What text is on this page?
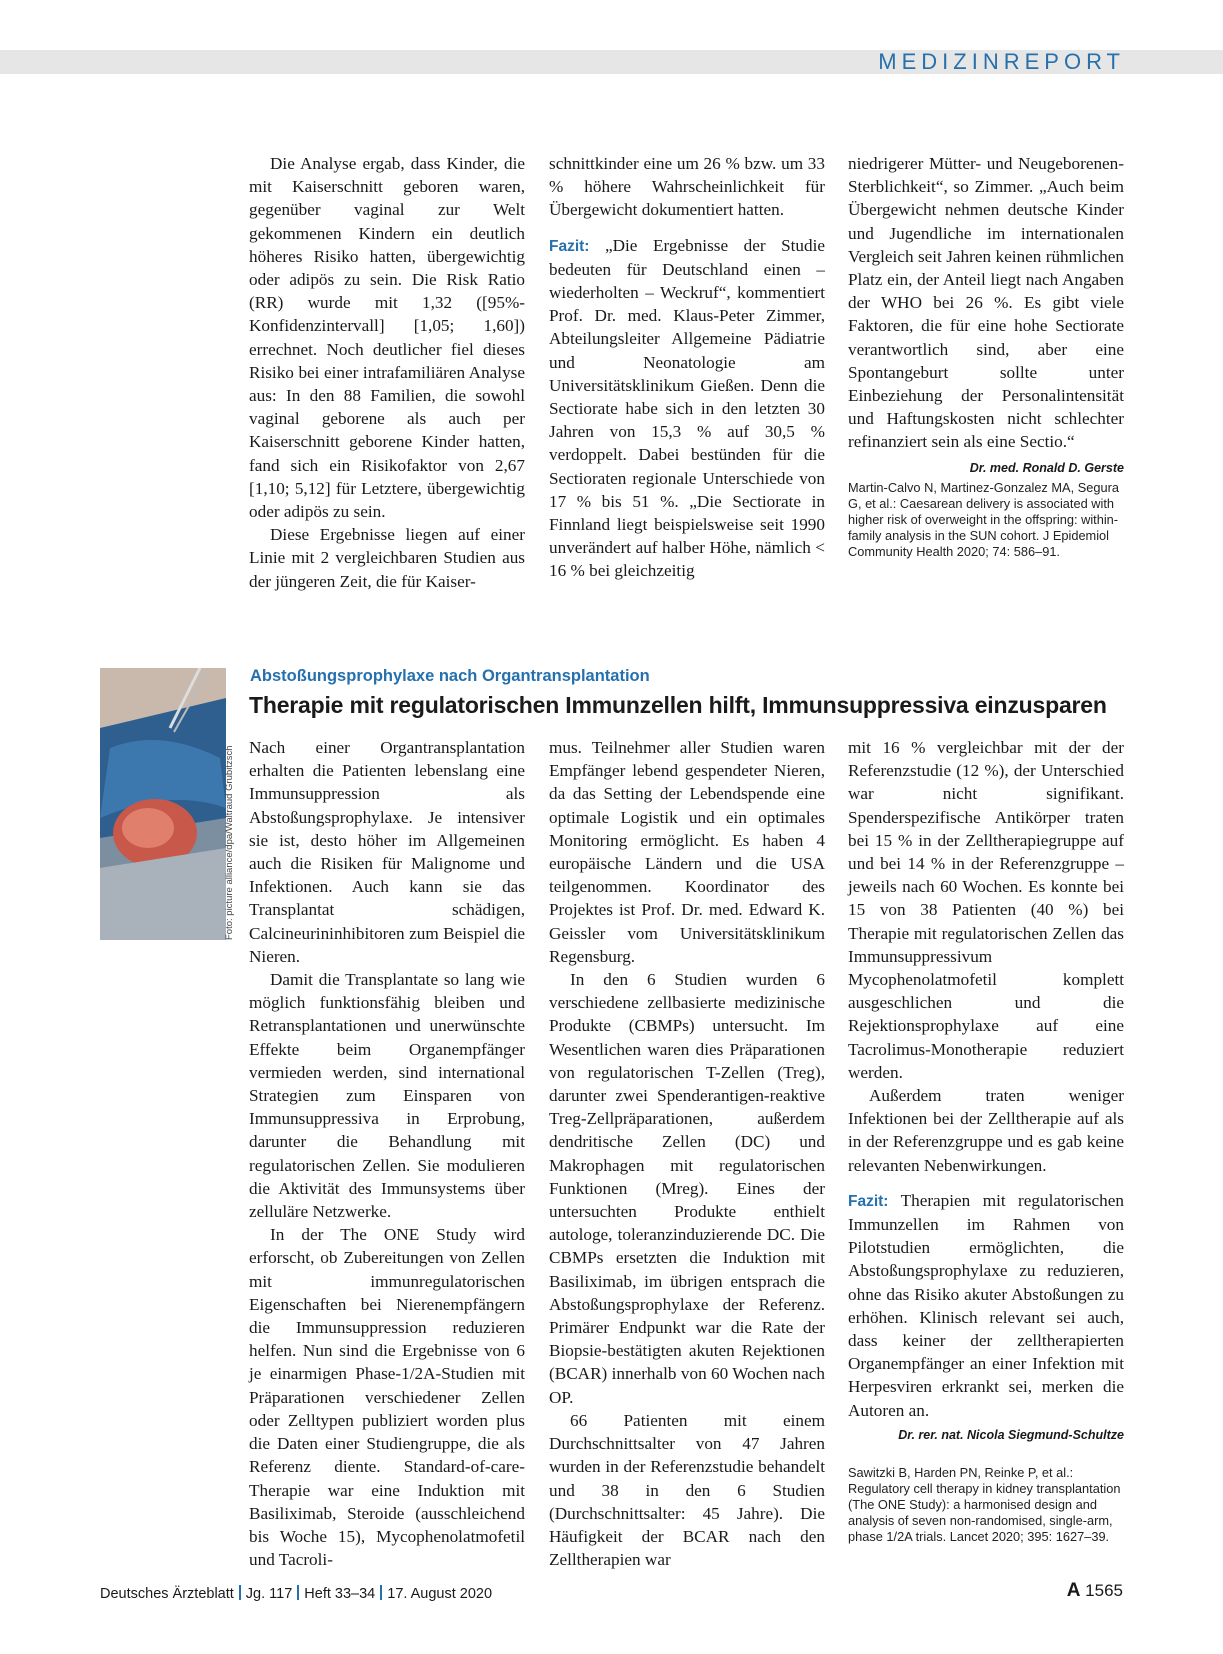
MEDIZINREPORT

Die Analyse ergab, dass Kinder, die mit Kaiserschnitt geboren waren, gegenüber vaginal zur Welt gekommenen Kindern ein deutlich höheres Risiko hatten, übergewichtig oder adipös zu sein. Die Risk Ratio (RR) wurde mit 1,32 ([95%-Konfidenzintervall] [1,05; 1,60]) errechnet. Noch deutlicher fiel dieses Risiko bei einer intrafamiliären Analyse aus: In den 88 Familien, die sowohl vaginal geborene als auch per Kaiserschnitt geborene Kinder hatten, fand sich ein Risikofaktor von 2,67 [1,10; 5,12] für Letztere, übergewichtig oder adipös zu sein.

Diese Ergebnisse liegen auf einer Linie mit 2 vergleichbaren Studien aus der jüngeren Zeit, die für Kaiser-

schnittkinder eine um 26 % bzw. um 33 % höhere Wahrscheinlichkeit für Übergewicht dokumentiert hatten.

Fazit: „Die Ergebnisse der Studie bedeuten für Deutschland einen – wiederholten – Weckruf“, kommentiert Prof. Dr. med. Klaus-Peter Zimmer, Abteilungsleiter Allgemeine Pädiatrie und Neonatologie am Universitätsklinikum Gießen. Denn die Sectiorate habe sich in den letzten 30 Jahren von 15,3 % auf 30,5 % verdoppelt. Dabei bestünden für die Sectioraten regionale Unterschiede von 17 % bis 51 %. „Die Sectiorate in Finnland liegt beispielsweise seit 1990 unverändert auf halber Höhe, nämlich < 16 % bei gleichzeitig

niedrigerer Mütter- und Neugeborenen-Sterblichkeit“, so Zimmer. „Auch beim Übergewicht nehmen deutsche Kinder und Jugendliche im internationalen Vergleich seit Jahren keinen rühmlichen Platz ein, der Anteil liegt nach Angaben der WHO bei 26 %. Es gibt viele Faktoren, die für eine hohe Sectiorate verantwortlich sind, aber eine Spontangeburt sollte unter Einbeziehung der Personalintensität und Haftungskosten nicht schlechter refinanziert sein als eine Sectio.“
Dr. med. Ronald D. Gerste

Martin-Calvo N, Martinez-Gonzalez MA, Segura G, et al.: Caesarean delivery is associated with higher risk of overweight in the offspring: within-family analysis in the SUN cohort. J Epidemiol Community Health 2020; 74: 586–91.

Foto: picture alliance/dpa/Waltraud Grubitzsch
Abstoßungsprophylaxe nach Organtransplantation
Therapie mit regulatorischen Immunzellen hilft, Immunsuppressiva einzusparen

Nach einer Organtransplantation erhalten die Patienten lebenslang eine Immunsuppression als Abstoßungsprophylaxe. Je intensiver sie ist, desto höher im Allgemeinen auch die Risiken für Malignome und Infektionen. Auch kann sie das Transplantat schädigen, Calcineurininhibitoren zum Beispiel die Nieren.

Damit die Transplantate so lang wie möglich funktionsfähig bleiben und Retransplantationen und unerwünschte Effekte beim Organempfänger vermieden werden, sind international Strategien zum Einsparen von Immunsuppressiva in Erprobung, darunter die Behandlung mit regulatorischen Zellen. Sie modulieren die Aktivität des Immunsystems über zelluläre Netzwerke.

In der The ONE Study wird erforscht, ob Zubereitungen von Zellen mit immunregulatorischen Eigenschaften bei Nierenempfängern die Immunsuppression reduzieren helfen. Nun sind die Ergebnisse von 6 je einarmigen Phase-1/2A-Studien mit Präparationen verschiedener Zellen oder Zelltypen publiziert worden plus die Daten einer Studiengruppe, die als Referenz diente. Standard-of-care-Therapie war eine Induktion mit Basiliximab, Steroide (ausschleichend bis Woche 15), Mycophenolatmofetil und Tacroli-

mus. Teilnehmer aller Studien waren Empfänger lebend gespendeter Nieren, da das Setting der Lebendspende eine optimale Logistik und ein optimales Monitoring ermöglicht. Es haben 4 europäische Ländern und die USA teilgenommen. Koordinator des Projektes ist Prof. Dr. med. Edward K. Geissler vom Universitätsklinikum Regensburg.

In den 6 Studien wurden 6 verschiedene zellbasierte medizinische Produkte (CBMPs) untersucht. Im Wesentlichen waren dies Präparationen von regulatorischen T-Zellen (Treg), darunter zwei Spenderantigen-reaktive Treg-Zellpräparationen, außerdem dendritische Zellen (DC) und Makrophagen mit regulatorischen Funktionen (Mreg). Eines der untersuchten Produkte enthielt autologe, toleranzinduzierende DC. Die CBMPs ersetzten die Induktion mit Basiliximab, im übrigen entsprach die Abstoßungsprophylaxe der Referenz. Primärer Endpunkt war die Rate der Biopsie-bestätigten akuten Rejektionen (BCAR) innerhalb von 60 Wochen nach OP.

66 Patienten mit einem Durchschnittsalter von 47 Jahren wurden in der Referenzstudie behandelt und 38 in den 6 Studien (Durchschnittsalter: 45 Jahre). Die Häufigkeit der BCAR nach den Zelltherapien war

mit 16 % vergleichbar mit der der Referenzstudie (12 %), der Unterschied war nicht signifikant. Spenderspezifische Antikörper traten bei 15 % in der Zelltherapiegruppe auf und bei 14 % in der Referenzgruppe – jeweils nach 60 Wochen. Es konnte bei 15 von 38 Patienten (40 %) bei Therapie mit regulatorischen Zellen das Immunsuppressivum Mycophenolatmofetil komplett ausgeschlichen und die Rejektionsprophylaxe auf eine Tacrolimus-Monotherapie reduziert werden.

Außerdem traten weniger Infektionen bei der Zelltherapie auf als in der Referenzgruppe und es gab keine relevanten Nebenwirkungen.

Fazit: Therapien mit regulatorischen Immunzellen im Rahmen von Pilotstudien ermöglichten, die Abstoßungsprophylaxe zu reduzieren, ohne das Risiko akuter Abstoßungen zu erhöhen. Klinisch relevant sei auch, dass keiner der zelltherapierten Organempfänger an einer Infektion mit Herpesviren erkrankt sei, merken die Autoren an.

Dr. rer. nat. Nicola Siegmund-Schultze

Sawitzki B, Harden PN, Reinke P, et al.: Regulatory cell therapy in kidney transplantation (The ONE Study): a harmonised design and analysis of seven non-randomised, single-arm, phase 1/2A trials. Lancet 2020; 395: 1627–39.

Deutsches Ärzteblatt Jg. 117 Heft 33–34 17. August 2020	A 1565
